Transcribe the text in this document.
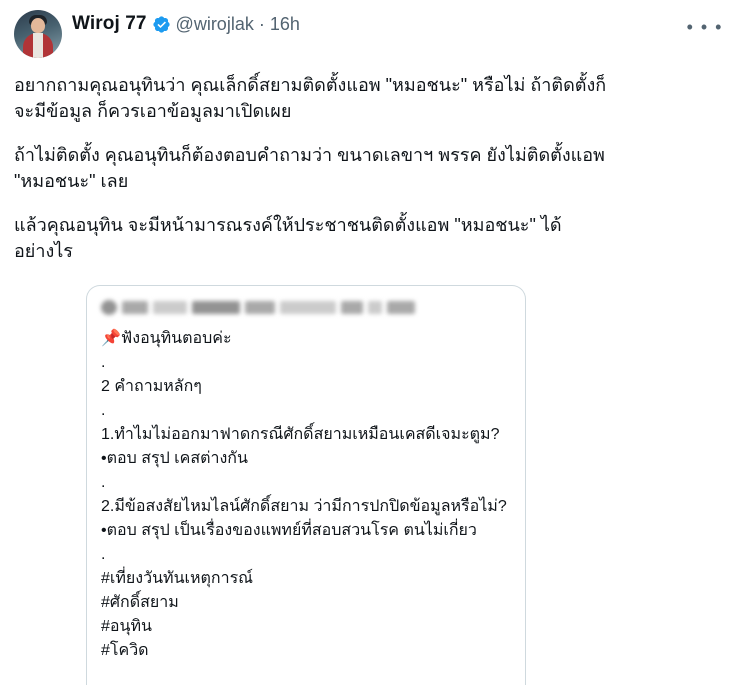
Wiroj 77 @wirojlak · 16h	• • •

อยากถามคุณอนุทินว่า คุณเล็กดิ์สยามติดตั้งแอพ "หมอชนะ" หรือไม่ ถ้าติดตั้งก็จะมีข้อมูล ก็ควรเอาข้อมูลมาเปิดเผย

ถ้าไม่ติดตั้ง คุณอนุทินก็ต้องตอบคำถามว่า ขนาดเลขาฯ พรรค ยังไม่ติดตั้งแอพ "หมอชนะ" เลย

แล้วคุณอนุทิน จะมีหน้ามารณรงค์ให้ประชาชนติดตั้งแอพ "หมอชนะ" ได้อย่างไร

📌ฟังอนุทินตอบค่ะ
.
2 คำถามหลักๆ
.
1.ทำไมไม่ออกมาฟาดกรณีศักดิ์สยามเหมือนเคสดีเจมะตูม?
•ตอบ สรุป เคสต่างกัน
.
2.มีข้อสงสัยไหมไลน์ศักดิ์สยาม ว่ามีการปกปิดข้อมูลหรือไม่?
•ตอบ สรุป เป็นเรื่องของแพทย์ที่สอบสวนโรค ตนไม่เกี่ยว
.
#เที่ยงวันทันเหตุการณ์
#ศักดิ์สยาม
#อนุทิน
#โควิด
